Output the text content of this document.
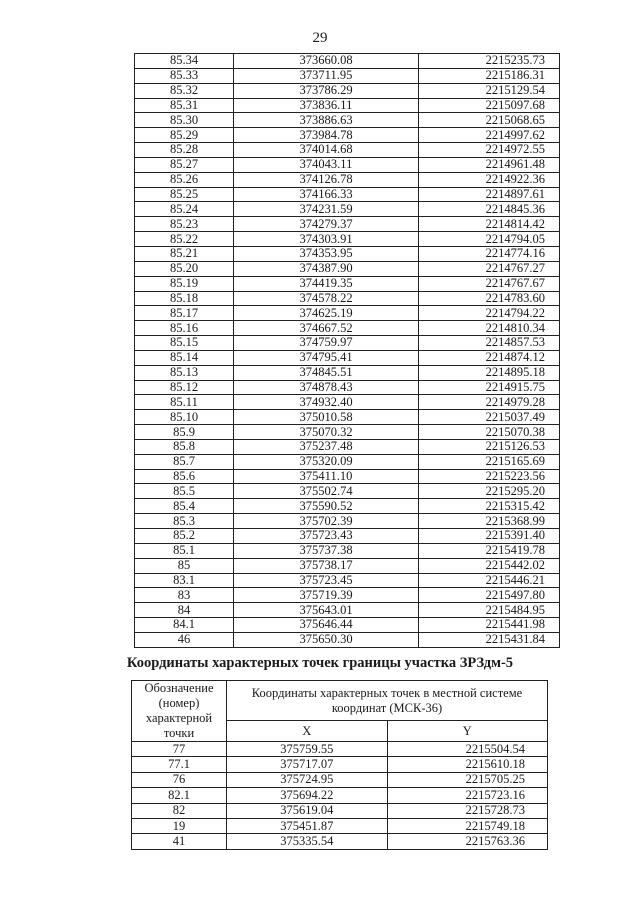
29
85.34	373660.08	2215235.73
85.33	373711.95	2215186.31
85.32	373786.29	2215129.54
85.31	373836.11	2215097.68
85.30	373886.63	2215068.65
85.29	373984.78	2214997.62
85.28	374014.68	2214972.55
85.27	374043.11	2214961.48
85.26	374126.78	2214922.36
85.25	374166.33	2214897.61
85.24	374231.59	2214845.36
85.23	374279.37	2214814.42
85.22	374303.91	2214794.05
85.21	374353.95	2214774.16
85.20	374387.90	2214767.27
85.19	374419.35	2214767.67
85.18	374578.22	2214783.60
85.17	374625.19	2214794.22
85.16	374667.52	2214810.34
85.15	374759.97	2214857.53
85.14	374795.41	2214874.12
85.13	374845.51	2214895.18
85.12	374878.43	2214915.75
85.11	374932.40	2214979.28
85.10	375010.58	2215037.49
85.9	375070.32	2215070.38
85.8	375237.48	2215126.53
85.7	375320.09	2215165.69
85.6	375411.10	2215223.56
85.5	375502.74	2215295.20
85.4	375590.52	2215315.42
85.3	375702.39	2215368.99
85.2	375723.43	2215391.40
85.1	375737.38	2215419.78
85	375738.17	2215442.02
83.1	375723.45	2215446.21
83	375719.39	2215497.80
84	375643.01	2215484.95
84.1	375646.44	2215441.98
46	375650.30	2215431.84
Координаты характерных точек границы участка ЗРЗдм-5
Обозначение (номер) характерной точки	Координаты характерных точек в местной системе координат (МСК-36)	
	X	Y
77	375759.55	2215504.54
77.1	375717.07	2215610.18
76	375724.95	2215705.25
82.1	375694.22	2215723.16
82	375619.04	2215728.73
19	375451.87	2215749.18
41	375335.54	2215763.36
